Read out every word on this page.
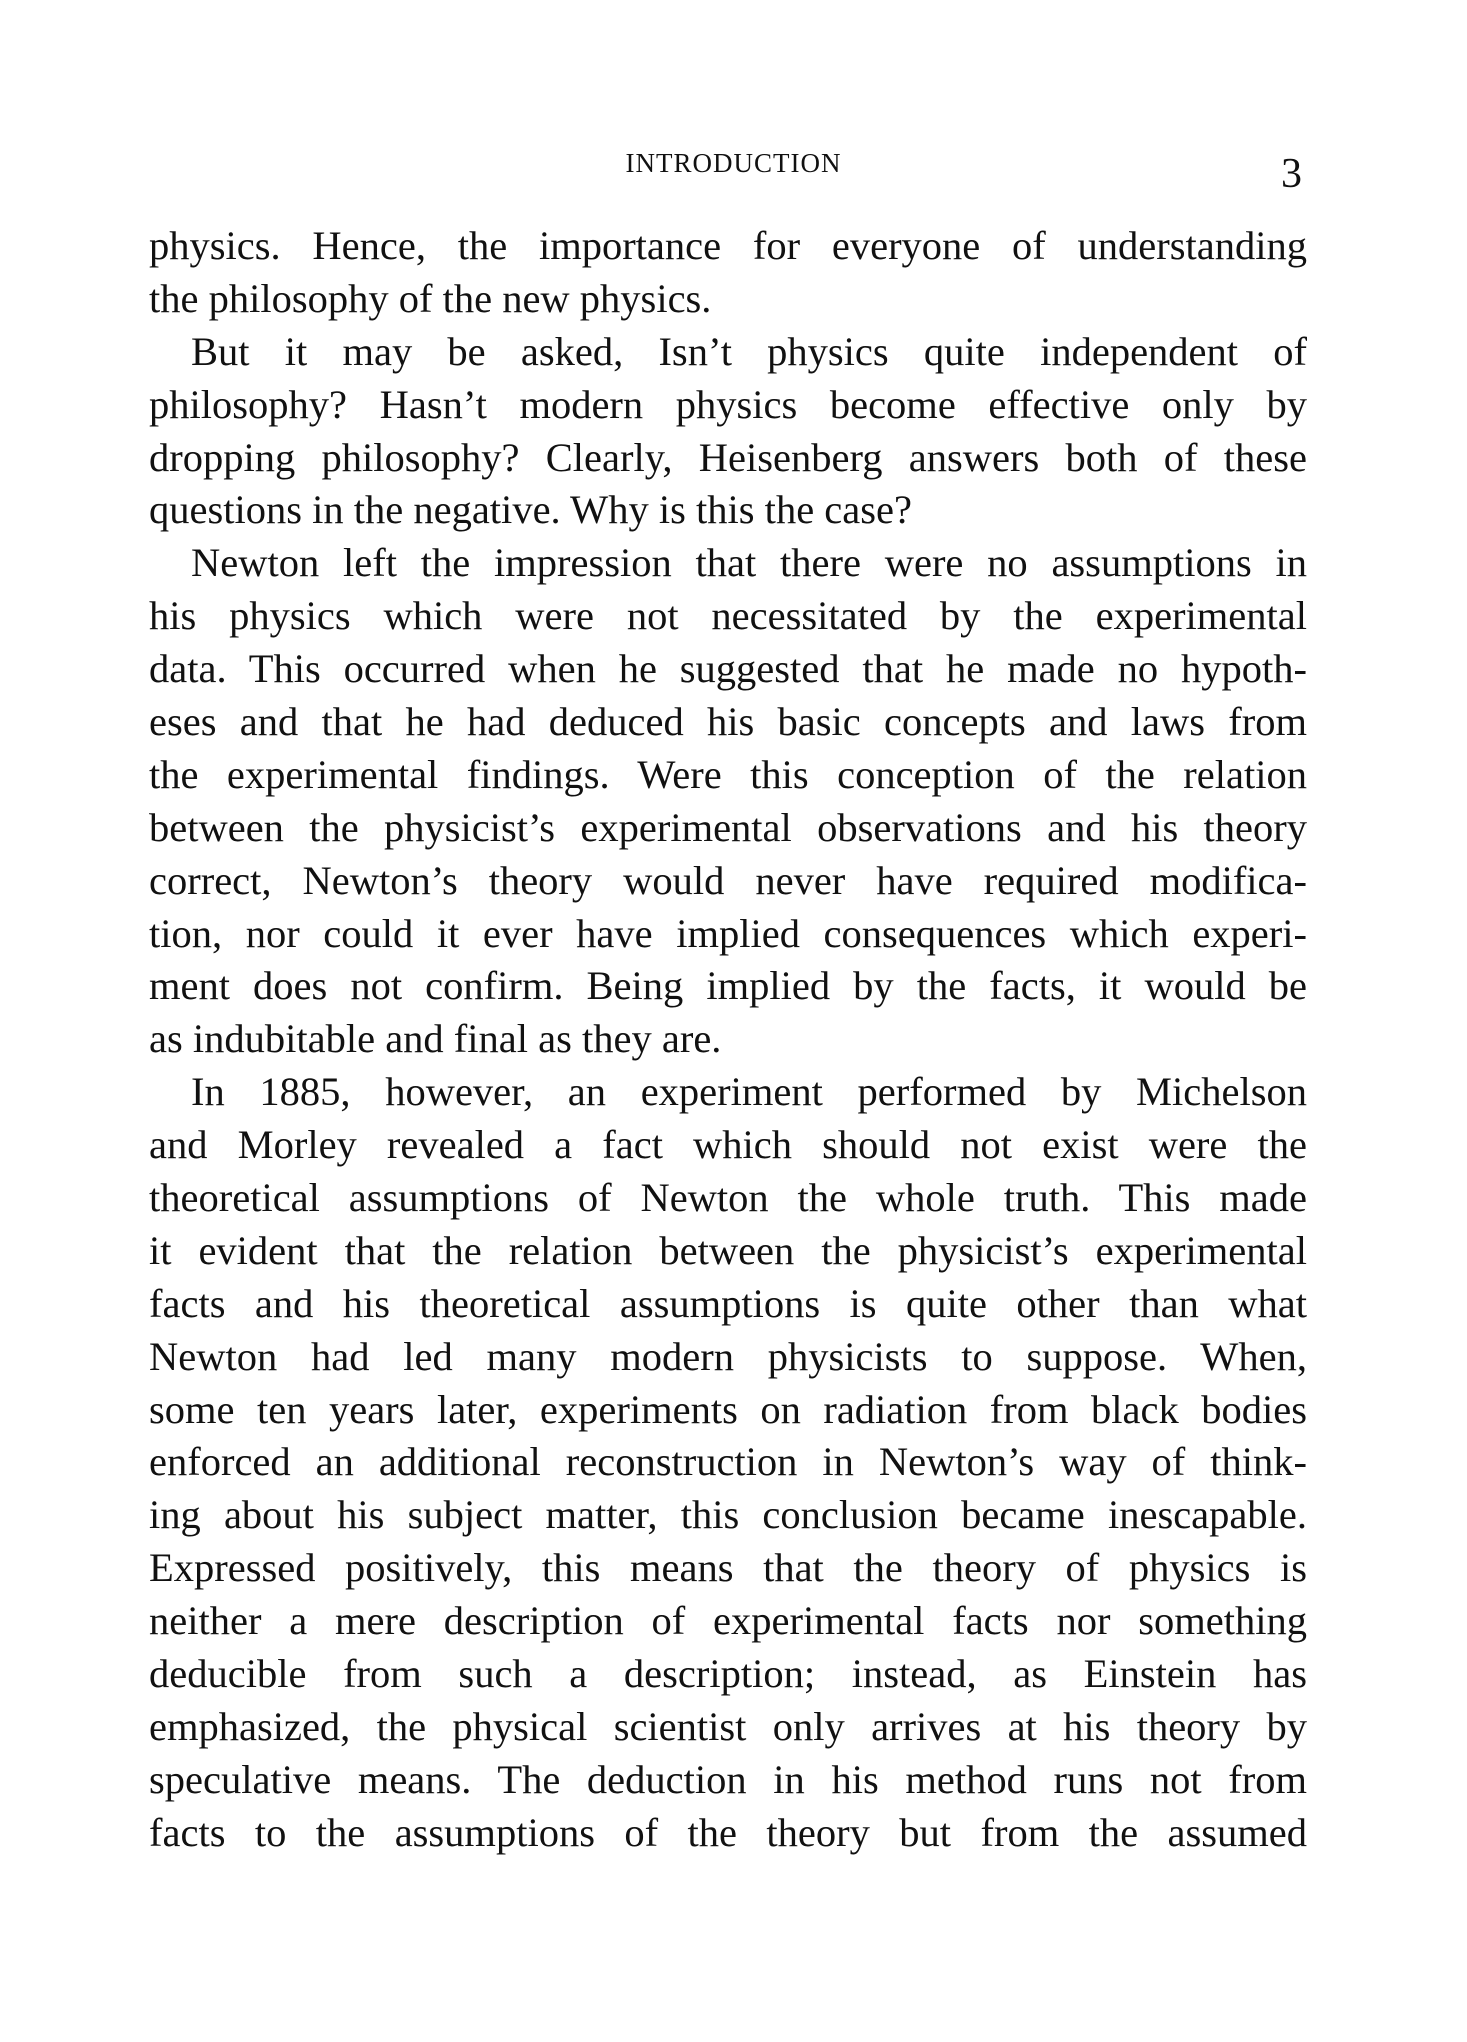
INTRODUCTION	3
physics. Hence, the importance for everyone of understanding
the philosophy of the new physics.
But it may be asked, Isn’t physics quite independent of
philosophy? Hasn’t modern physics become effective only by
dropping philosophy? Clearly, Heisenberg answers both of these
questions in the negative. Why is this the case?
Newton left the impression that there were no assumptions in
his physics which were not necessitated by the experimental
data. This occurred when he suggested that he made no hypoth-
eses and that he had deduced his basic concepts and laws from
the experimental findings. Were this conception of the relation
between the physicist’s experimental observations and his theory
correct, Newton’s theory would never have required modifica-
tion, nor could it ever have implied consequences which experi-
ment does not confirm. Being implied by the facts, it would be
as indubitable and final as they are.
In 1885, however, an experiment performed by Michelson
and Morley revealed a fact which should not exist were the
theoretical assumptions of Newton the whole truth. This made
it evident that the relation between the physicist’s experimental
facts and his theoretical assumptions is quite other than what
Newton had led many modern physicists to suppose. When,
some ten years later, experiments on radiation from black bodies
enforced an additional reconstruction in Newton’s way of think-
ing about his subject matter, this conclusion became inescapable.
Expressed positively, this means that the theory of physics is
neither a mere description of experimental facts nor something
deducible from such a description; instead, as Einstein has
emphasized, the physical scientist only arrives at his theory by
speculative means. The deduction in his method runs not from
facts to the assumptions of the theory but from the assumed
